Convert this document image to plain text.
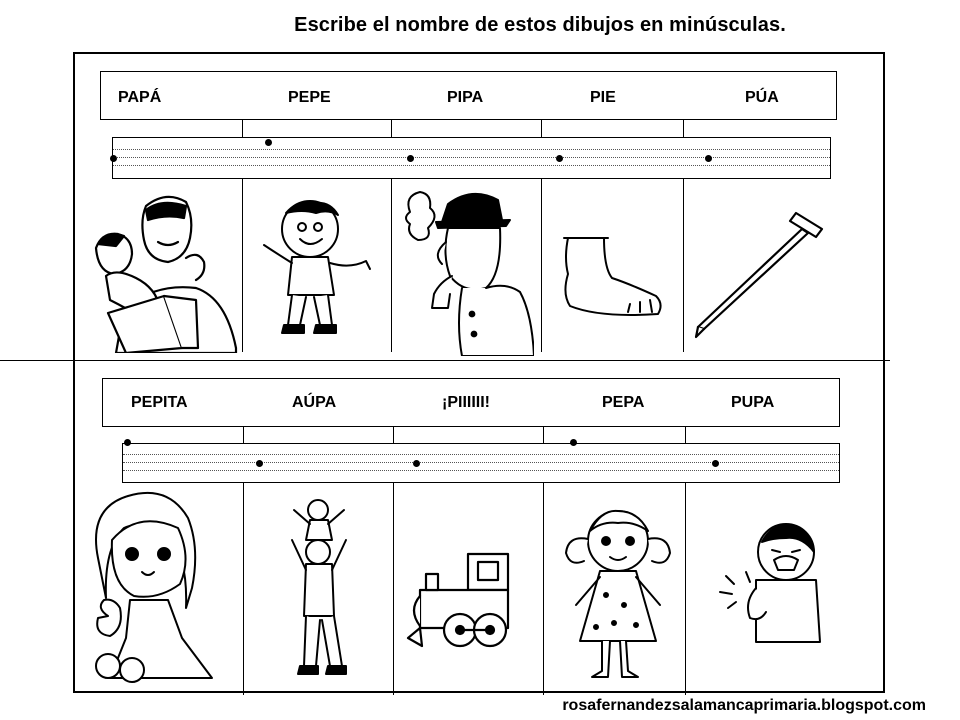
Escribe el nombre de estos dibujos en minúsculas.
PAPÁ	PEPE	PIPA	PIE	PÚA
PEPITA	AÚPA	¡PIIIIII!	PEPA	PUPA
rosafernandezsalamancaprimaria.blogspot.com
